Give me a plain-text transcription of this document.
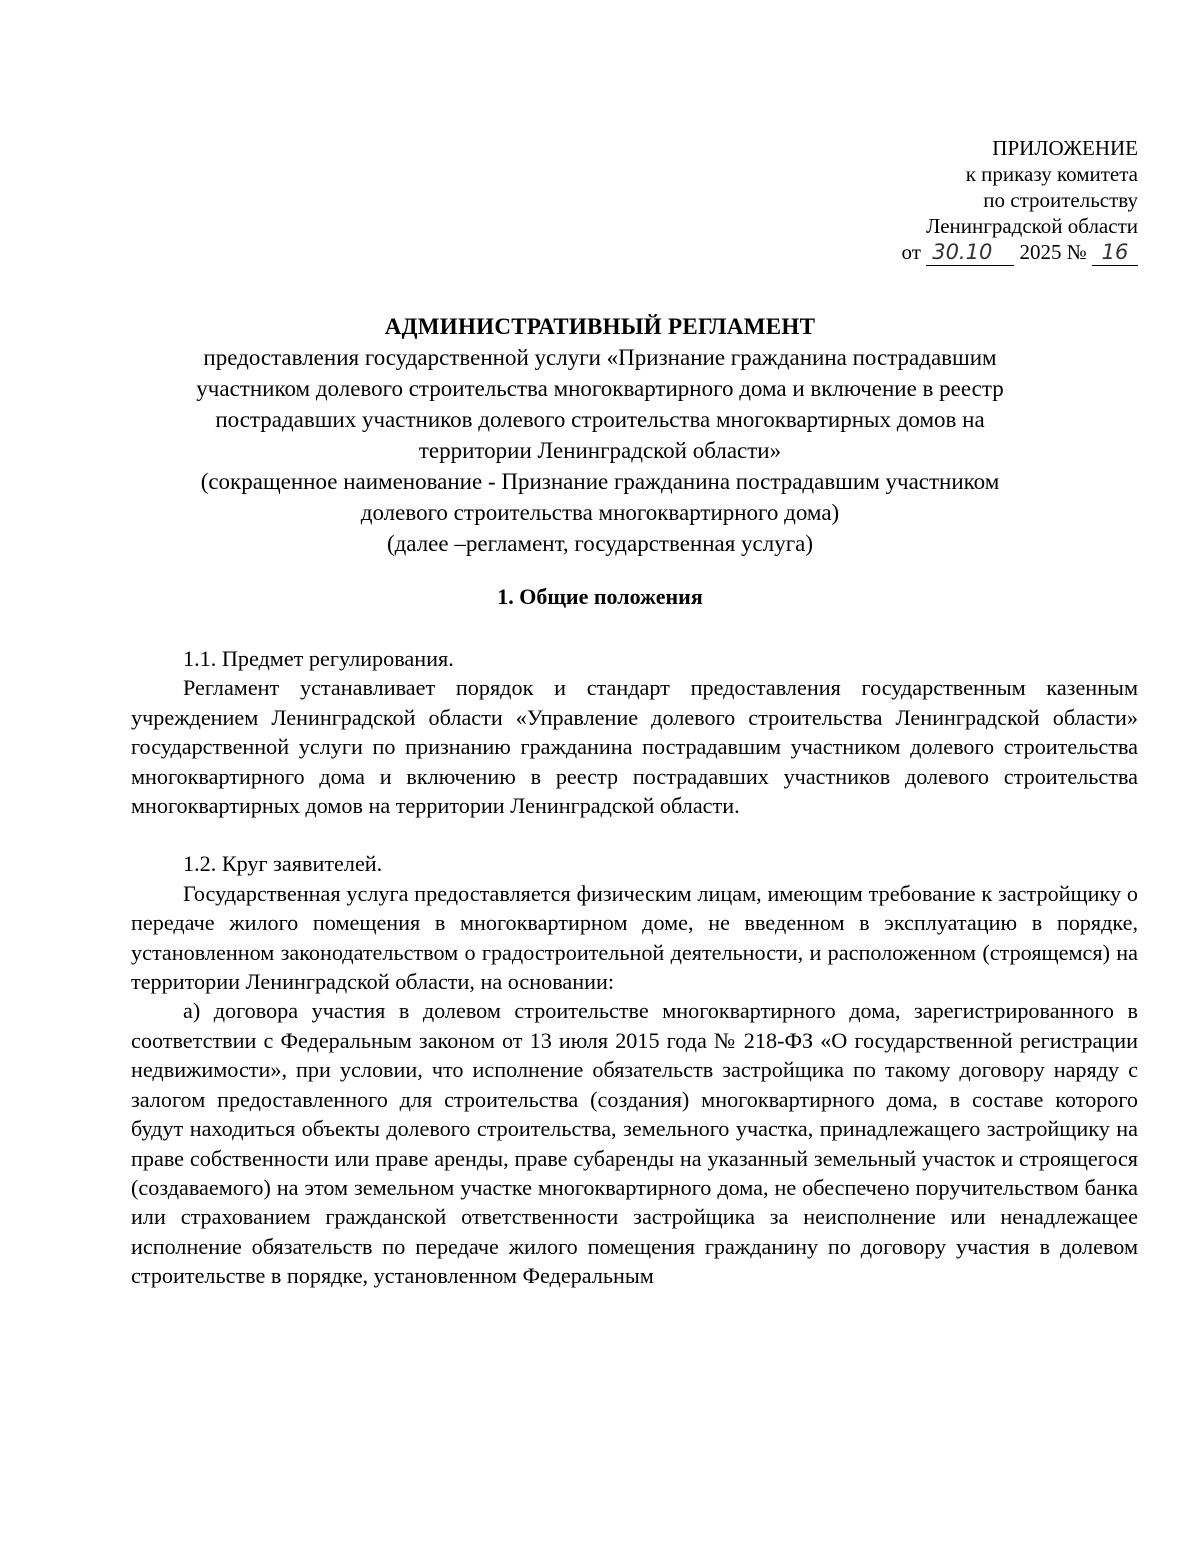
ПРИЛОЖЕНИЕ
к приказу комитета
по строительству
Ленинградской области
от 30.10 2025 № 16
АДМИНИСТРАТИВНЫЙ РЕГЛАМЕНТ
предоставления государственной услуги «Признание гражданина пострадавшим
участником долевого строительства многоквартирного дома и включение в реестр
пострадавших участников долевого строительства многоквартирных домов на
территории Ленинградской области»
(сокращенное наименование - Признание гражданина пострадавшим участником
долевого строительства многоквартирного дома)
(далее –регламент, государственная услуга)
1. Общие положения

1.1. Предмет регулирования.

Регламент устанавливает порядок и стандарт предоставления государственным казенным учреждением Ленинградской области «Управление долевого строительства Ленинградской области» государственной услуги по признанию гражданина пострадавшим участником долевого строительства многоквартирного дома и включению в реестр пострадавших участников долевого строительства многоквартирных домов на территории Ленинградской области.

1.2. Круг заявителей.

Государственная услуга предоставляется физическим лицам, имеющим требование к застройщику о передаче жилого помещения в многоквартирном доме, не введенном в эксплуатацию в порядке, установленном законодательством о градостроительной деятельности, и расположенном (строящемся) на территории Ленинградской области, на основании:

а) договора участия в долевом строительстве многоквартирного дома, зарегистрированного в соответствии с Федеральным законом от 13 июля 2015 года № 218-ФЗ «О государственной регистрации недвижимости», при условии, что исполнение обязательств застройщика по такому договору наряду с залогом предоставленного для строительства (создания) многоквартирного дома, в составе которого будут находиться объекты долевого строительства, земельного участка, принадлежащего застройщику на праве собственности или праве аренды, праве субаренды на указанный земельный участок и строящегося (создаваемого) на этом земельном участке многоквартирного дома, не обеспечено поручительством банка или страхованием гражданской ответственности застройщика за неисполнение или ненадлежащее исполнение обязательств по передаче жилого помещения гражданину по договору участия в долевом строительстве в порядке, установленном Федеральным
